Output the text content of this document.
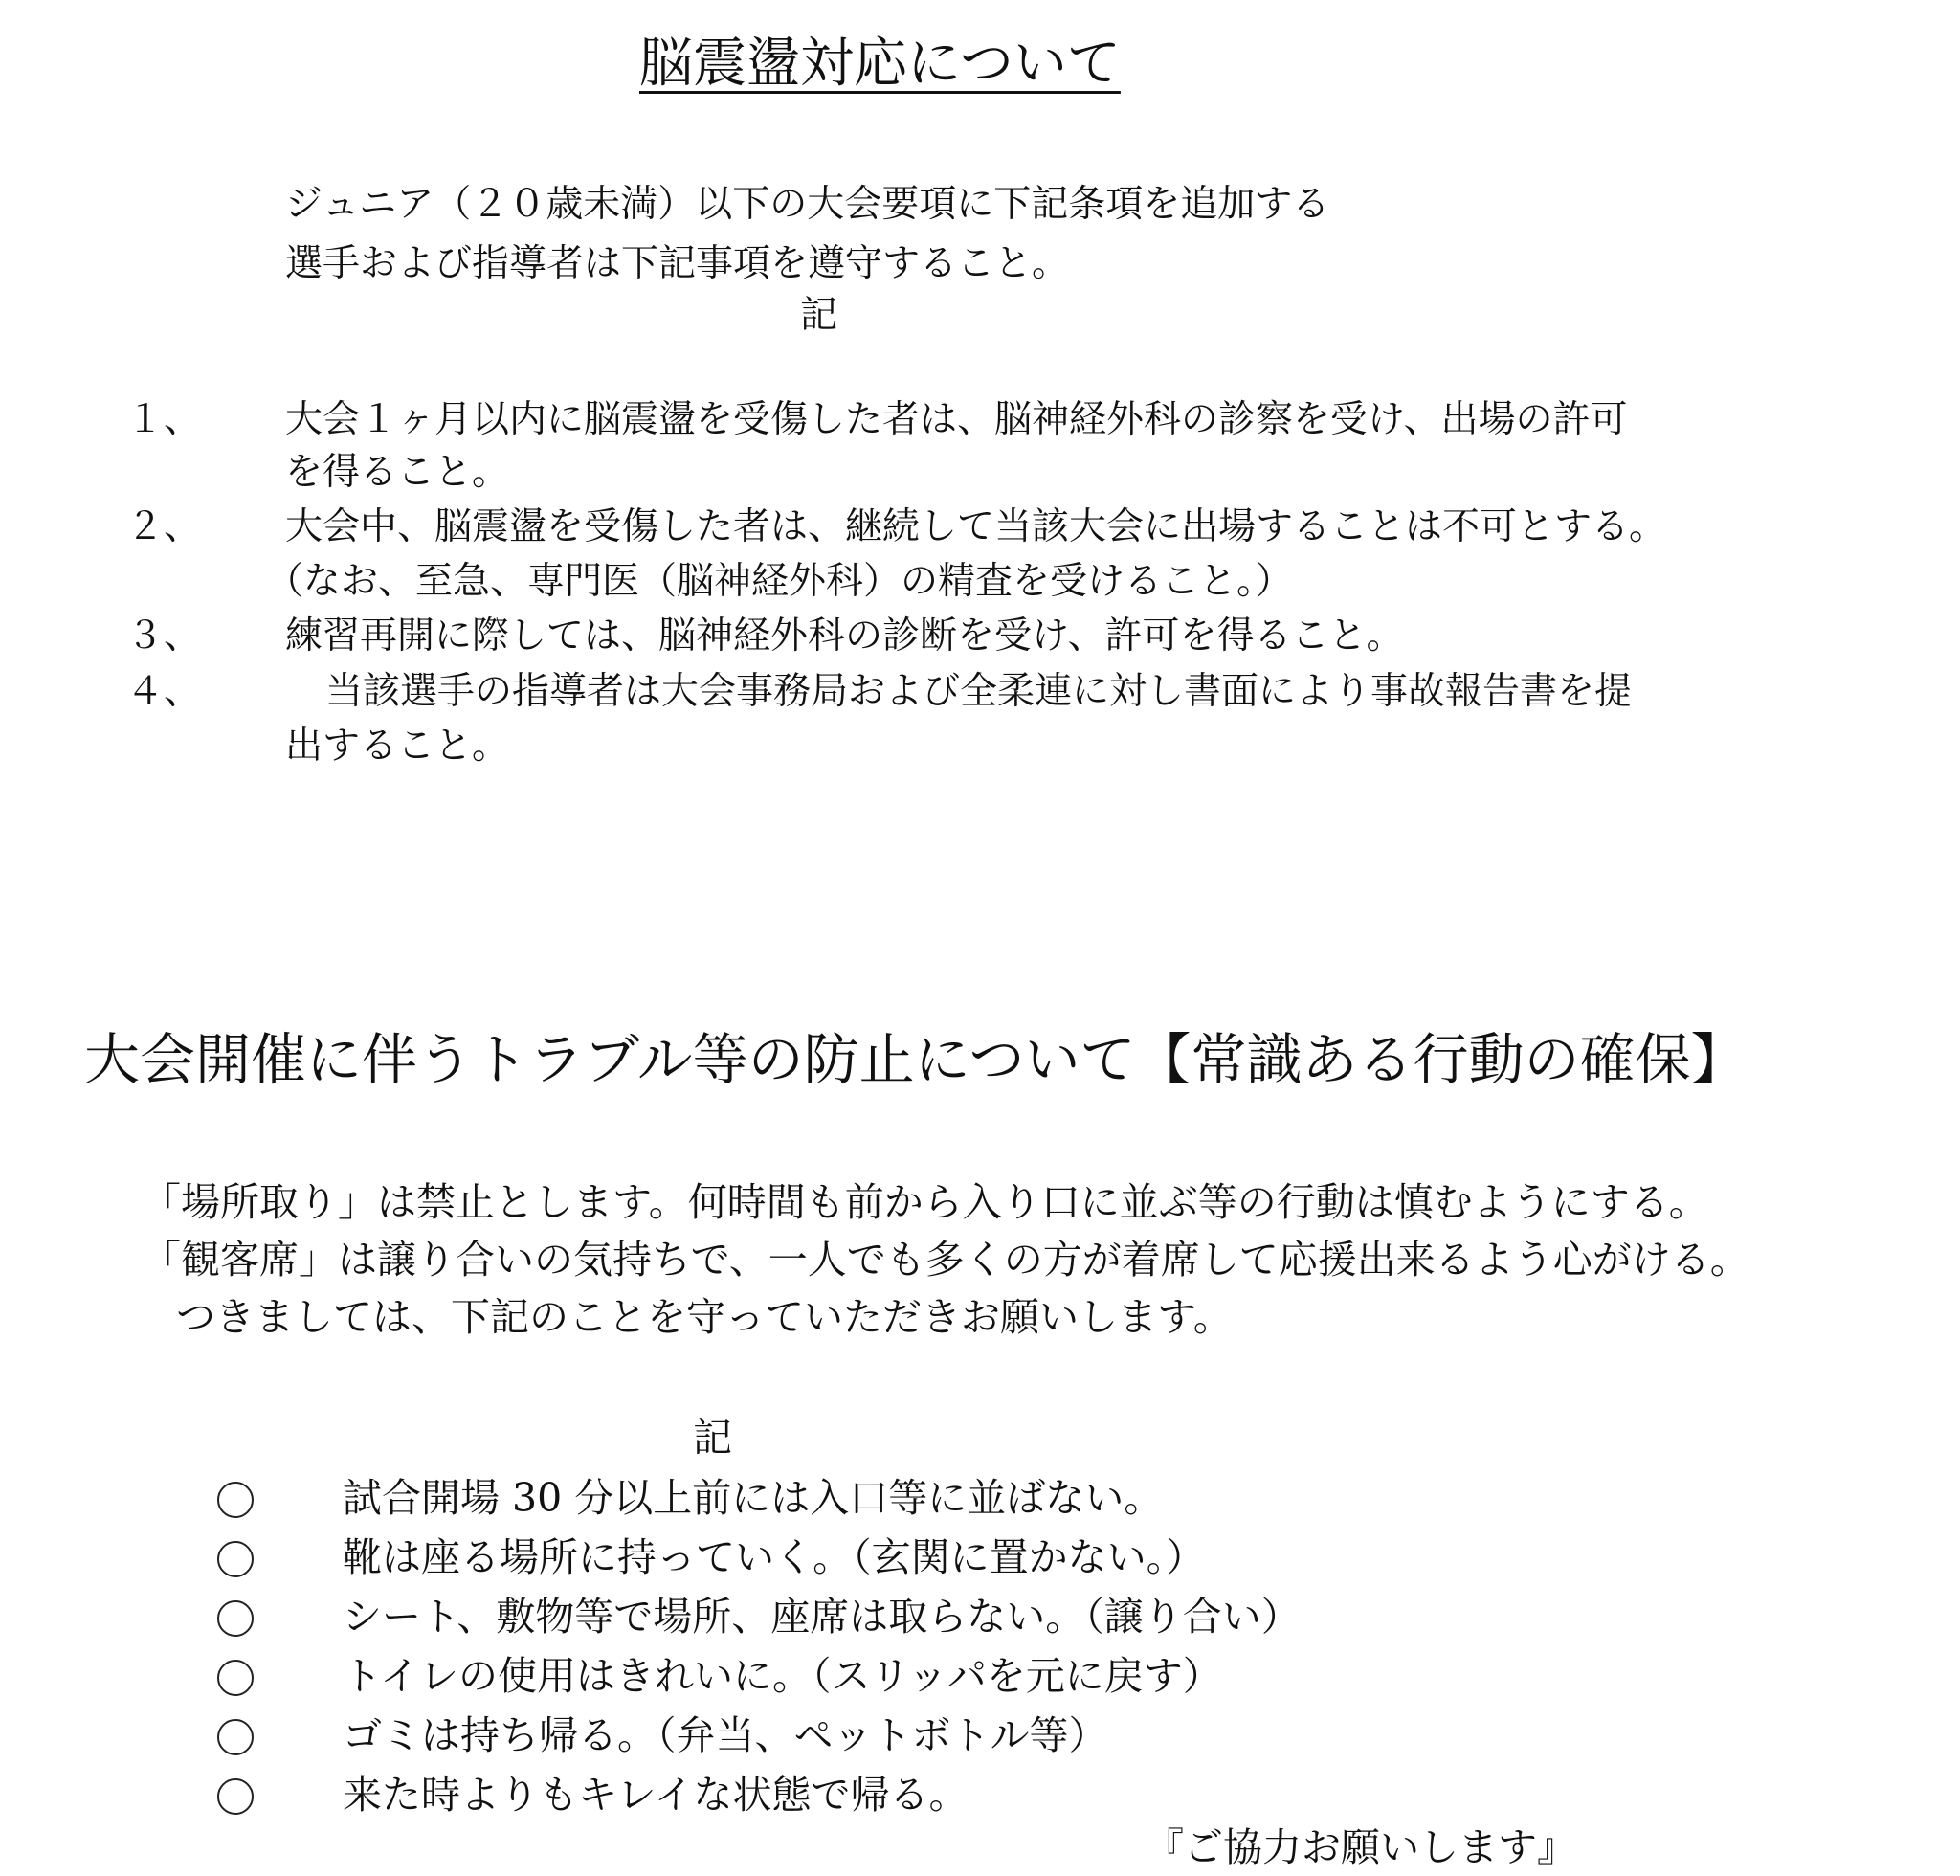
脳震盪対応について
ジュニア（２０歳未満）以下の大会要項に下記条項を追加する
選手および指導者は下記事項を遵守すること。
記
１、 大会１ヶ月以内に脳震盪を受傷した者は、脳神経外科の診察を受け、出場の許可
を得ること。
２、 大会中、脳震盪を受傷した者は、継続して当該大会に出場することは不可とする。
（なお、至急、専門医（脳神経外科）の精査を受けること。）
３、 練習再開に際しては、脳神経外科の診断を受け、許可を得ること。
４、	当該選手の指導者は大会事務局および全柔連に対し書面により事故報告書を提
出すること。
大会開催に伴うトラブル等の防止について【常識ある行動の確保】
「場所取り」は禁止とします。何時間も前から入り口に並ぶ等の行動は慎むようにする。
「観客席」は譲り合いの気持ちで、一人でも多くの方が着席して応援出来るよう心がける。
つきましては、下記のことを守っていただきお願いします。
記
試合開場 30 分以上前には入口等に並ばない。
靴は座る場所に持っていく。（玄関に置かない。）
シート、敷物等で場所、座席は取らない。（譲り合い）
トイレの使用はきれいに。（スリッパを元に戻す）
ゴミは持ち帰る。（弁当、ペットボトル等）
来た時よりもキレイな状態で帰る。
『ご協力お願いします』
